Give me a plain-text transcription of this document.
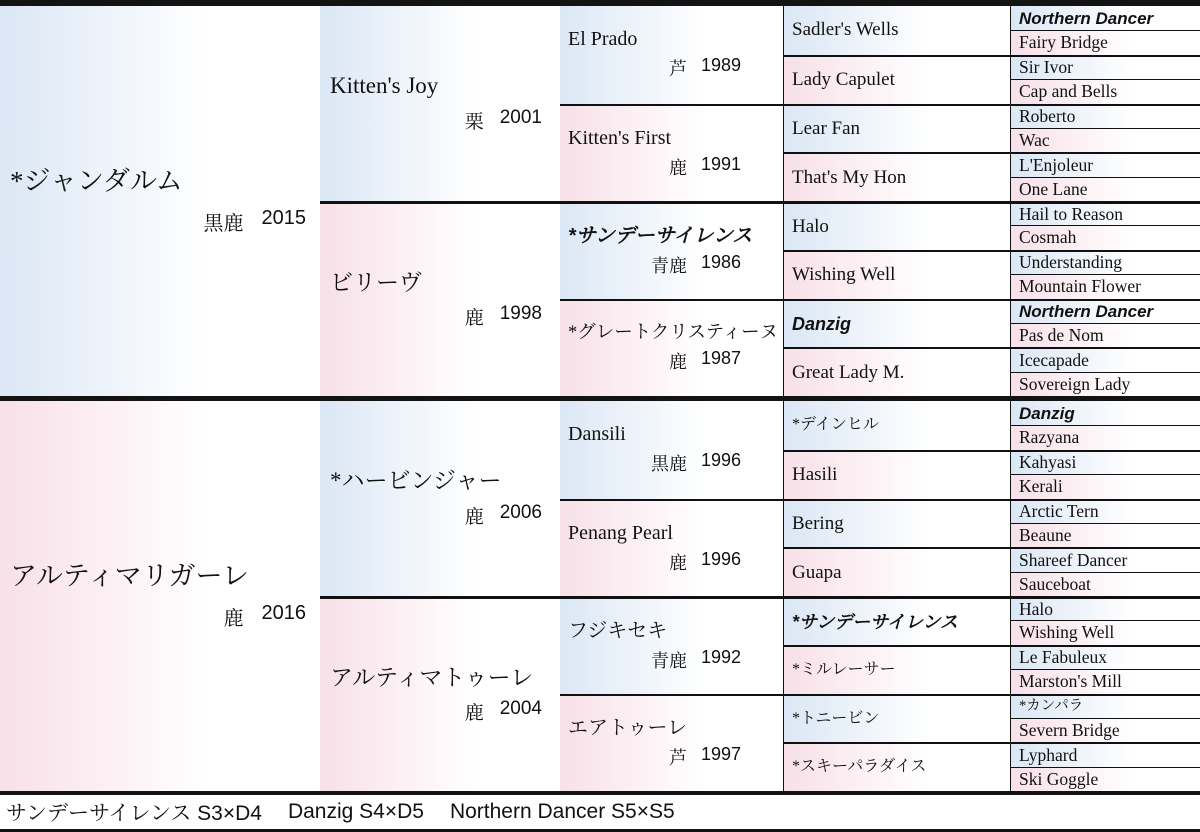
*ジャンダルム
黒鹿 2015
Kitten's Joy
栗 2001
ビリーヴ
鹿 1998
El Prado
芦 1989
Kitten's First
鹿 1991
*サンデーサイレンス
青鹿 1986
*グレートクリスティーヌ
鹿 1987
Sadler's Wells
Lady Capulet
Lear Fan
That's My Hon
Halo
Wishing Well
Danzig
Great Lady M.
Northern Dancer
Fairy Bridge
Sir Ivor
Cap and Bells
Roberto
Wac
L'Enjoleur
One Lane
Hail to Reason
Cosmah
Understanding
Mountain Flower
Northern Dancer
Pas de Nom
Icecapade
Sovereign Lady
アルティマリガーレ
鹿 2016
*ハービンジャー
鹿 2006
アルティマトゥーレ
鹿 2004
Dansili
黒鹿 1996
Penang Pearl
鹿 1996
フジキセキ
青鹿 1992
エアトゥーレ
芦 1997
*デインヒル
Hasili
Bering
Guapa
*サンデーサイレンス
*ミルレーサー
*トニービン
*スキーパラダイス
Danzig
Razyana
Kahyasi
Kerali
Arctic Tern
Beaune
Shareef Dancer
Sauceboat
Halo
Wishing Well
Le Fabuleux
Marston's Mill
*カンパラ
Severn Bridge
Lyphard
Ski Goggle
サンデーサイレンス S3×D4 Danzig S4×D5 Northern Dancer S5×S5
